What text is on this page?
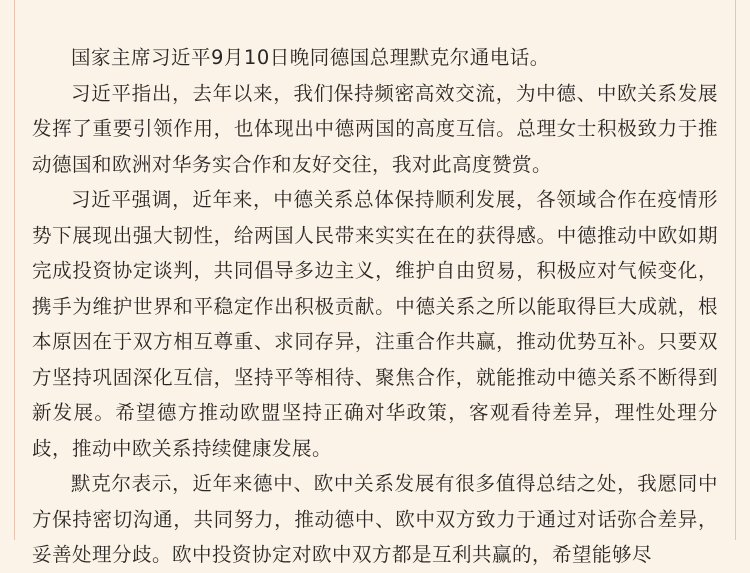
国家主席习近平9月10日晚同德国总理默克尔通电话。

习近平指出，去年以来，我们保持频密高效交流，为中德、中欧关系发展发挥了重要引领作用，也体现出中德两国的高度互信。总理女士积极致力于推动德国和欧洲对华务实合作和友好交往，我对此高度赞赏。

习近平强调，近年来，中德关系总体保持顺利发展，各领域合作在疫情形势下展现出强大韧性，给两国人民带来实实在在的获得感。中德推动中欧如期完成投资协定谈判，共同倡导多边主义，维护自由贸易，积极应对气候变化，携手为维护世界和平稳定作出积极贡献。中德关系之所以能取得巨大成就，根本原因在于双方相互尊重、求同存异，注重合作共赢，推动优势互补。只要双方坚持巩固深化互信，坚持平等相待、聚焦合作，就能推动中德关系不断得到新发展。希望德方推动欧盟坚持正确对华政策，客观看待差异，理性处理分歧，推动中欧关系持续健康发展。

默克尔表示，近年来德中、欧中关系发展有很多值得总结之处，我愿同中方保持密切沟通，共同努力，推动德中、欧中双方致力于通过对话弥合差异，妥善处理分歧。欧中投资协定对欧中双方都是互利共赢的，希望能够尽
